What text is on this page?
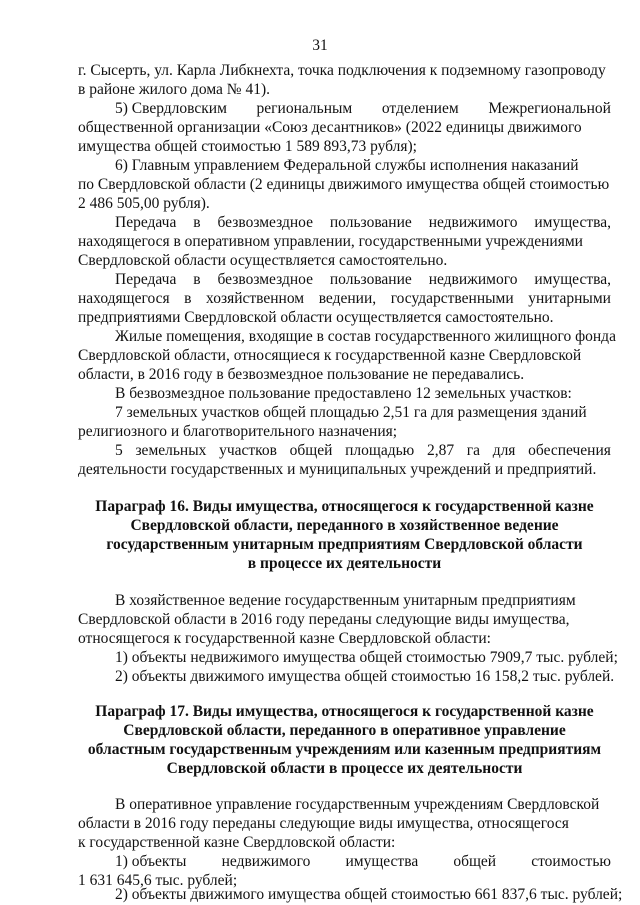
31
г. Сысерть, ул. Карла Либкнехта, точка подключения к подземному газопроводу
в районе жилого дома № 41).
5) Свердловским региональным отделением Межрегиональной
общественной организации «Союз десантников» (2022 единицы движимого
имущества общей стоимостью 1 589 893,73 рубля);
6) Главным управлением Федеральной службы исполнения наказаний
по Свердловской области (2 единицы движимого имущества общей стоимостью
2 486 505,00 рубля).
Передача в безвозмездное пользование недвижимого имущества,
находящегося в оперативном управлении, государственными учреждениями
Свердловской области осуществляется самостоятельно.
Передача в безвозмездное пользование недвижимого имущества,
находящегося в хозяйственном ведении, государственными унитарными
предприятиями Свердловской области осуществляется самостоятельно.
Жилые помещения, входящие в состав государственного жилищного фонда
Свердловской области, относящиеся к государственной казне Свердловской
области, в 2016 году в безвозмездное пользование не передавались.
В безвозмездное пользование предоставлено 12 земельных участков:
7 земельных участков общей площадью 2,51 га для размещения зданий
религиозного и благотворительного назначения;
5 земельных участков общей площадью 2,87 га для обеспечения
деятельности государственных и муниципальных учреждений и предприятий.
Параграф 16. Виды имущества, относящегося к государственной казне
Свердловской области, переданного в хозяйственное ведение
государственным унитарным предприятиям Свердловской области
в процессе их деятельности
В хозяйственное ведение государственным унитарным предприятиям
Свердловской области в 2016 году переданы следующие виды имущества,
относящегося к государственной казне Свердловской области:
1) объекты недвижимого имущества общей стоимостью 7909,7 тыс. рублей;
2) объекты движимого имущества общей стоимостью 16 158,2 тыс. рублей.
Параграф 17. Виды имущества, относящегося к государственной казне
Свердловской области, переданного в оперативное управление
областным государственным учреждениям или казенным предприятиям
Свердловской области в процессе их деятельности
В оперативное управление государственным учреждениям Свердловской
области в 2016 году переданы следующие виды имущества, относящегося
к государственной казне Свердловской области:
1) объекты недвижимого имущества общей стоимостью
1 631 645,6 тыс. рублей;
2) объекты движимого имущества общей стоимостью 661 837,6 тыс. рублей;
